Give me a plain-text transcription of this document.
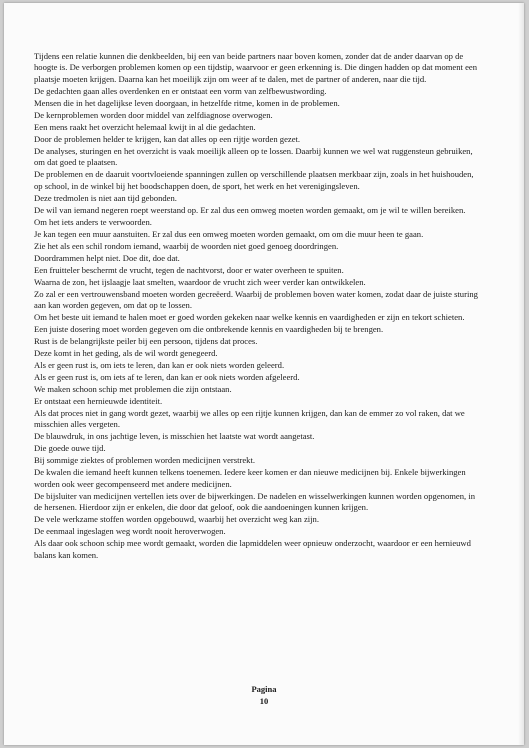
Tijdens een relatie kunnen die denkbeelden, bij een van beide partners naar boven komen, zonder dat de ander daarvan op de hoogte is. De verborgen problemen komen op een tijdstip, waarvoor er geen erkenning is. Die dingen hadden op dat moment een plaatsje moeten krijgen. Daarna kan het moeilijk zijn om weer af te dalen, met de partner of anderen, naar die tijd.

De gedachten gaan alles overdenken en er ontstaat een vorm van zelfbewustwording.

Mensen die in het dagelijkse leven doorgaan, in hetzelfde ritme, komen in de problemen.

De kernproblemen worden door middel van zelfdiagnose overwogen.

Een mens raakt het overzicht helemaal kwijt in al die gedachten.

Door de problemen helder te krijgen, kan dat alles op een rijtje worden gezet.

De analyses, sturingen en het overzicht is vaak moeilijk alleen op te lossen. Daarbij kunnen we wel wat ruggensteun gebruiken, om dat goed te plaatsen.

De problemen en de daaruit voortvloeiende spanningen zullen op verschillende plaatsen merkbaar zijn, zoals in het huishouden, op school, in de winkel bij het boodschappen doen, de sport, het werk en het verenigingsleven.

Deze tredmolen is niet aan tijd gebonden.

De wil van iemand negeren roept weerstand op. Er zal dus een omweg moeten worden gemaakt, om je wil te willen bereiken.

Om het iets anders te verwoorden.

Je kan tegen een muur aanstuiten. Er zal dus een omweg moeten worden gemaakt, om om die muur heen te gaan.

Zie het als een schil rondom iemand, waarbij de woorden niet goed genoeg doordringen.

Doordrammen helpt niet. Doe dit, doe dat.

Een fruitteler beschermt de vrucht, tegen de nachtvorst, door er water overheen te spuiten.

Waarna de zon, het ijslaagje laat smelten, waardoor de vrucht zich weer verder kan ontwikkelen.

Zo zal er een vertrouwensband moeten worden gecreëerd. Waarbij de problemen boven water komen, zodat daar de juiste sturing aan kan worden gegeven, om dat op te lossen.

Om het beste uit iemand te halen moet er goed worden gekeken naar welke kennis en vaardigheden er zijn en tekort schieten.

Een juiste dosering moet worden gegeven om die ontbrekende kennis en vaardigheden bij te brengen.

Rust is de belangrijkste peiler bij een persoon, tijdens dat proces.

Deze komt in het geding, als de wil wordt genegeerd.

Als er geen rust is, om iets te leren, dan kan er ook niets worden geleerd.

Als er geen rust is, om iets af te leren, dan kan er ook niets worden afgeleerd.

We maken schoon schip met problemen die zijn ontstaan.

Er ontstaat een hernieuwde identiteit.

Als dat proces niet in gang wordt gezet, waarbij we alles op een rijtje kunnen krijgen, dan kan de emmer zo vol raken, dat we misschien alles vergeten.

De blauwdruk, in ons jachtige leven, is misschien het laatste wat wordt aangetast.

Die goede ouwe tijd.

Bij sommige ziektes of problemen worden medicijnen verstrekt.

De kwalen die iemand heeft kunnen telkens toenemen. Iedere keer komen er dan nieuwe medicijnen bij. Enkele bijwerkingen worden ook weer gecompenseerd met andere medicijnen.

De bijsluiter van medicijnen vertellen iets over de bijwerkingen. De nadelen en wisselwerkingen kunnen worden opgenomen, in de hersenen. Hierdoor zijn er enkelen, die door dat geloof, ook die aandoeningen kunnen krijgen.

De vele werkzame stoffen worden opgebouwd, waarbij het overzicht weg kan zijn.

De eenmaal ingeslagen weg wordt nooit heroverwogen.

Als daar ook schoon schip mee wordt gemaakt, worden die lapmiddelen weer opnieuw onderzocht, waardoor er een hernieuwd balans kan komen.

Pagina
10
